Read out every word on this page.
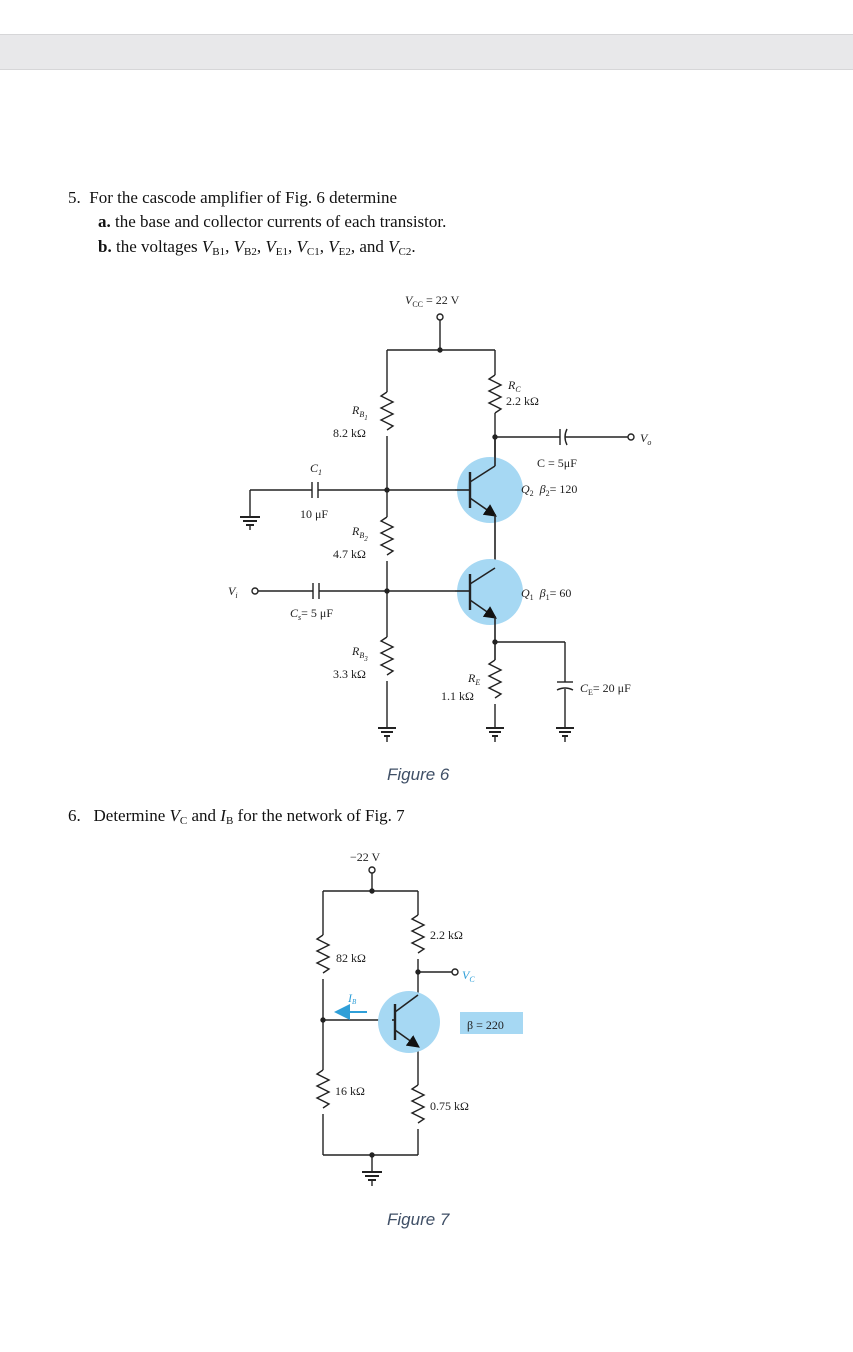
5. For the cascode amplifier of Fig. 6 determine
a. the base and collector currents of each transistor.
b. the voltages $V_{B1}$, $V_{B2}$, $V_{E1}$, $V_{C1}$, $V_{E2}$, and $V_{C2}$.
$V_{CC} = 22$ V
$R_{B1}$
8.2 kΩ
$R_{B2}$
4.7 kΩ
$R_{B3}$
3.3 kΩ
$R_C$
2.2 kΩ
$R_E$
1.1 kΩ
$C_1$
10 μF
$C_s= 5$ μF
$V_i$
C = 5μF
$V_o$
$Q_2$ $\beta_2= 120$
$Q_1$ $\beta_1= 60$
$C_E= 20$ μF
IB
−22 V
2.2 kΩ
82 kΩ
$V_C$
β = 220
16 kΩ
0.75 kΩ
Figure 6
6. Determine $V_C$ and $I_B$ for the network of Fig. 7
Figure 7
